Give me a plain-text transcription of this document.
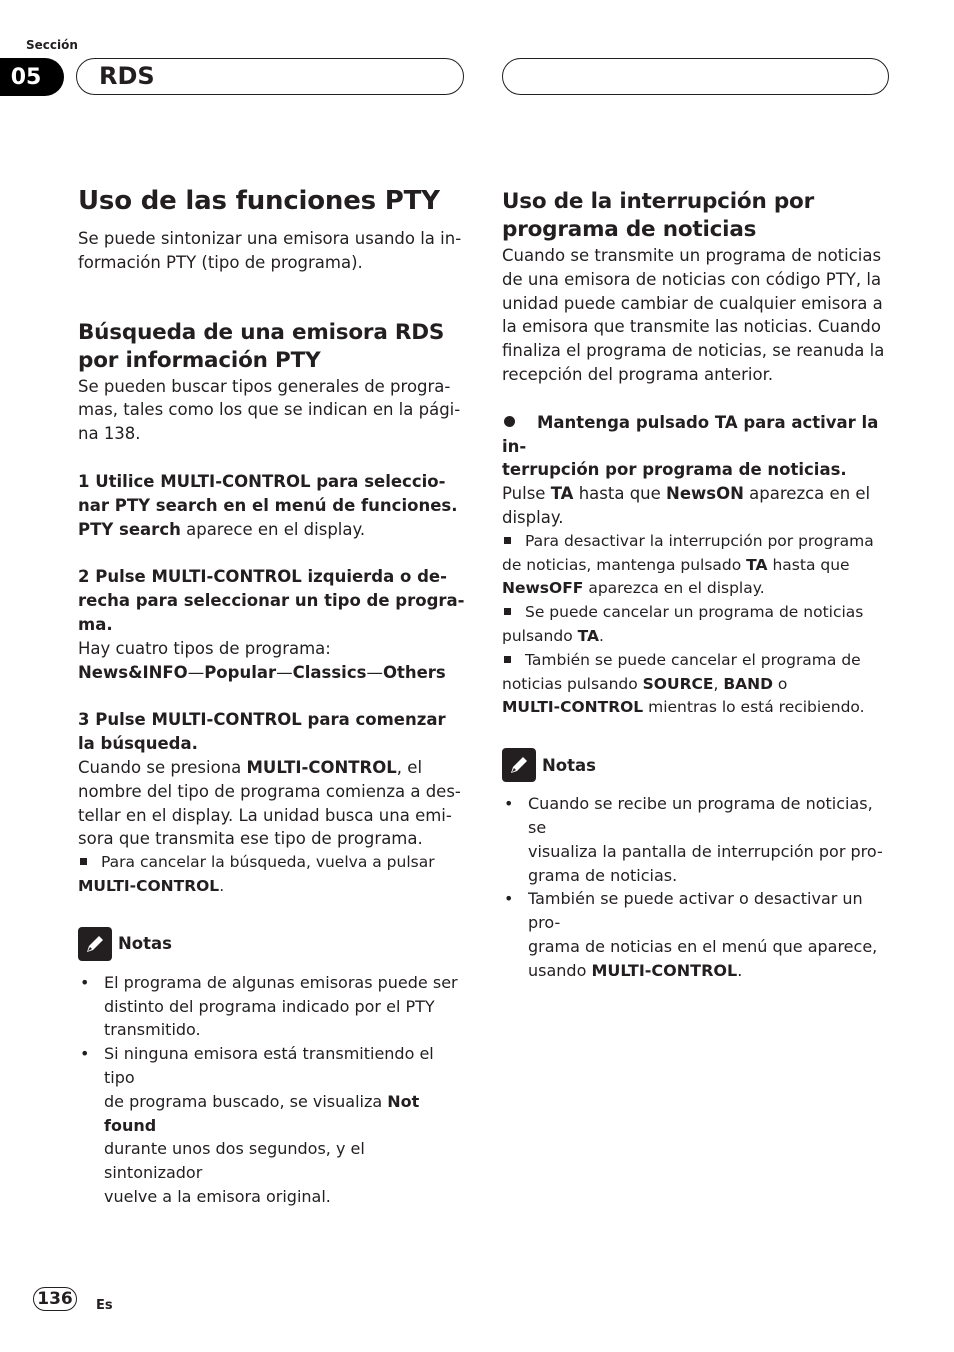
Sección
05 RDS
Uso de las funciones PTY

Se puede sintonizar una emisora usando la in-

formación PTY (tipo de programa).

Búsqueda de una emisora RDS
por información PTY

Se pueden buscar tipos generales de progra-

mas, tales como los que se indican en la pági-

na 138.

1 Utilice MULTI-CONTROL para seleccio-

nar PTY search en el menú de funciones.

PTY search aparece en el display.

2 Pulse MULTI-CONTROL izquierda o de-

recha para seleccionar un tipo de progra-

ma.

Hay cuatro tipos de programa:

News&INFO—Popular—Classics—Others

3 Pulse MULTI-CONTROL para comenzar

la búsqueda.

Cuando se presiona MULTI-CONTROL, el

nombre del tipo de programa comienza a des-

tellar en el display. La unidad busca una emi-

sora que transmita ese tipo de programa.

Para cancelar la búsqueda, vuelva a pulsar

MULTI-CONTROL.

Notas
• El programa de algunas emisoras puede ser
distinto del programa indicado por el PTY
transmitido.
• Si ninguna emisora está transmitiendo el tipo
de programa buscado, se visualiza Not found
durante unos dos segundos, y el sintonizador
vuelve a la emisora original.
Uso de la interrupción por
programa de noticias

Cuando se transmite un programa de noticias

de una emisora de noticias con código PTY, la

unidad puede cambiar de cualquier emisora a

la emisora que transmite las noticias. Cuando

finaliza el programa de noticias, se reanuda la

recepción del programa anterior.

Mantenga pulsado TA para activar la in-

terrupción por programa de noticias.

Pulse TA hasta que NewsON aparezca en el

display.

Para desactivar la interrupción por programa

de noticias, mantenga pulsado TA hasta que

NewsOFF aparezca en el display.

Se puede cancelar un programa de noticias

pulsando TA.

También se puede cancelar el programa de

noticias pulsando SOURCE, BAND o

MULTI-CONTROL mientras lo está recibiendo.

Notas
• Cuando se recibe un programa de noticias, se
visualiza la pantalla de interrupción por pro-
grama de noticias.
• También se puede activar o desactivar un pro-
grama de noticias en el menú que aparece,
usando MULTI-CONTROL.
136 Es
